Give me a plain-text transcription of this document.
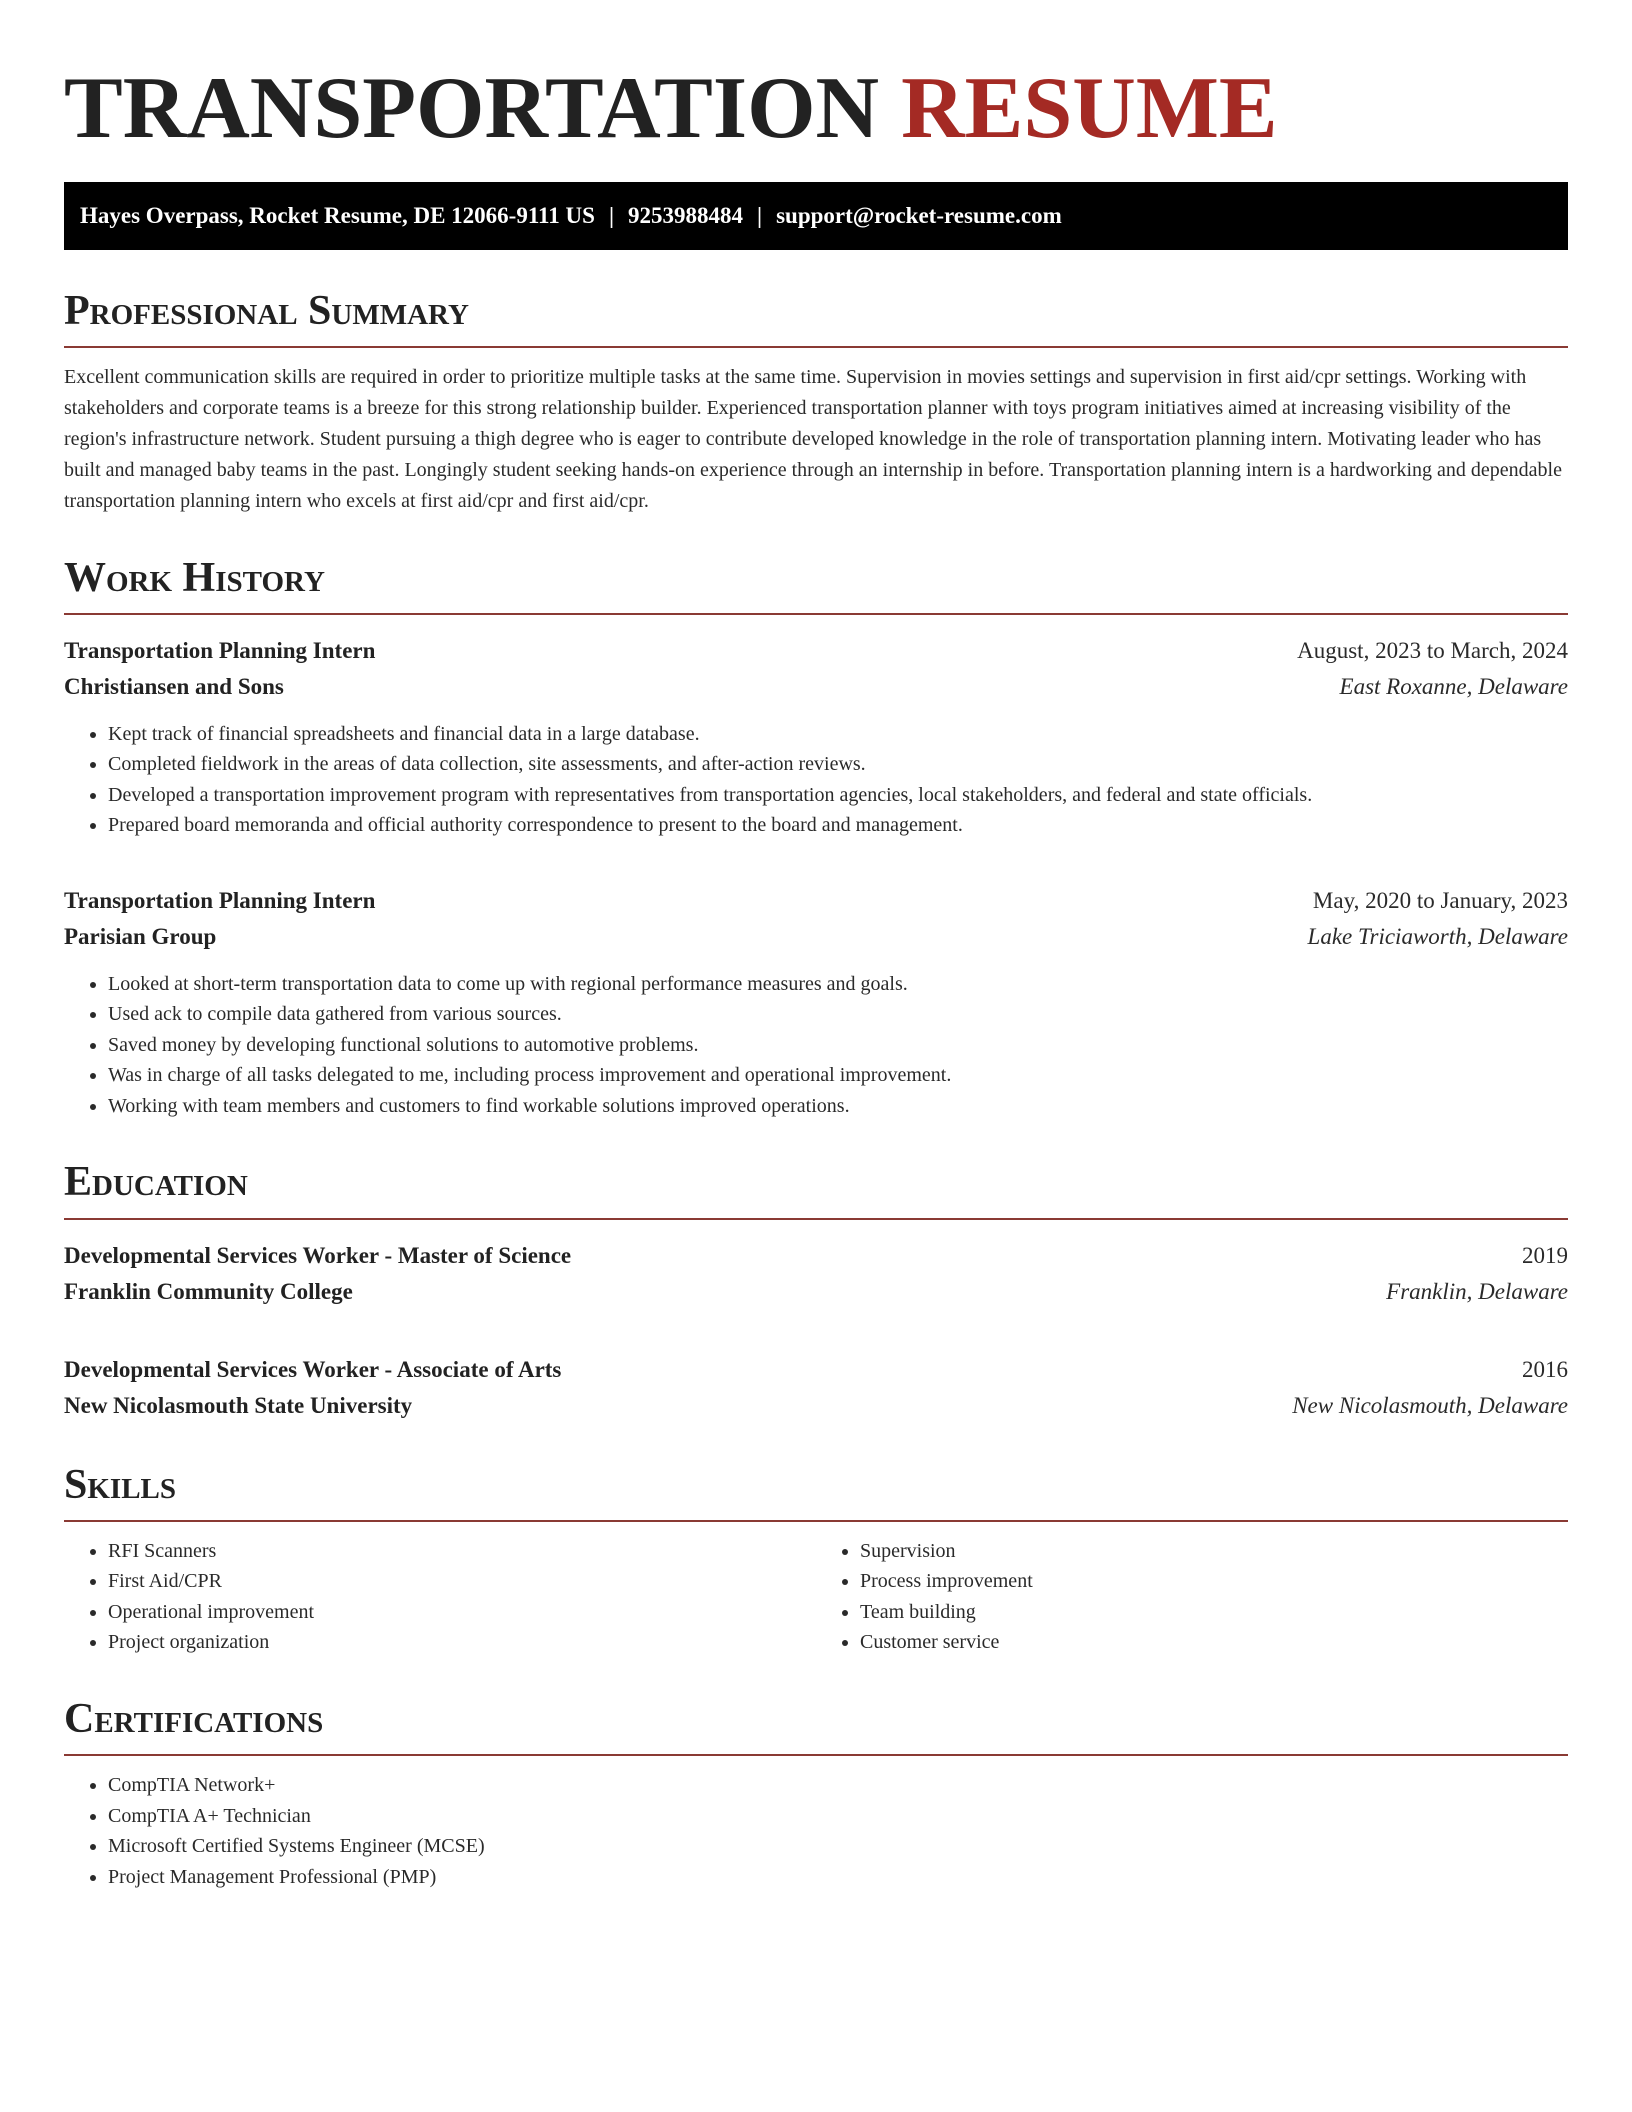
TRANSPORTATION RESUME
Hayes Overpass, Rocket Resume, DE 12066-9111 US | 9253988484 | support@rocket-resume.com
Professional Summary

Excellent communication skills are required in order to prioritize multiple tasks at the same time. Supervision in movies settings and supervision in first aid/cpr settings. Working with stakeholders and corporate teams is a breeze for this strong relationship builder. Experienced transportation planner with toys program initiatives aimed at increasing visibility of the region's infrastructure network. Student pursuing a thigh degree who is eager to contribute developed knowledge in the role of transportation planning intern. Motivating leader who has built and managed baby teams in the past. Longingly student seeking hands-on experience through an internship in before. Transportation planning intern is a hardworking and dependable transportation planning intern who excels at first aid/cpr and first aid/cpr.

Work History
Transportation Planning Intern	August, 2023 to March, 2024
Christiansen and Sons	East Roxanne, Delaware
• Kept track of financial spreadsheets and financial data in a large database.
• Completed fieldwork in the areas of data collection, site assessments, and after-action reviews.
• Developed a transportation improvement program with representatives from transportation agencies, local stakeholders, and federal and state officials.
• Prepared board memoranda and official authority correspondence to present to the board and management.
Transportation Planning Intern	May, 2020 to January, 2023
Parisian Group	Lake Triciaworth, Delaware
• Looked at short-term transportation data to come up with regional performance measures and goals.
• Used ack to compile data gathered from various sources.
• Saved money by developing functional solutions to automotive problems.
• Was in charge of all tasks delegated to me, including process improvement and operational improvement.
• Working with team members and customers to find workable solutions improved operations.
Education
Developmental Services Worker - Master of Science	2019
Franklin Community College	Franklin, Delaware
Developmental Services Worker - Associate of Arts	2016
New Nicolasmouth State University	New Nicolasmouth, Delaware
Skills
• RFI Scanners
• First Aid/CPR
• Operational improvement
• Project organization
• Supervision
• Process improvement
• Team building
• Customer service
Certifications
• CompTIA Network+
• CompTIA A+ Technician
• Microsoft Certified Systems Engineer (MCSE)
• Project Management Professional (PMP)
